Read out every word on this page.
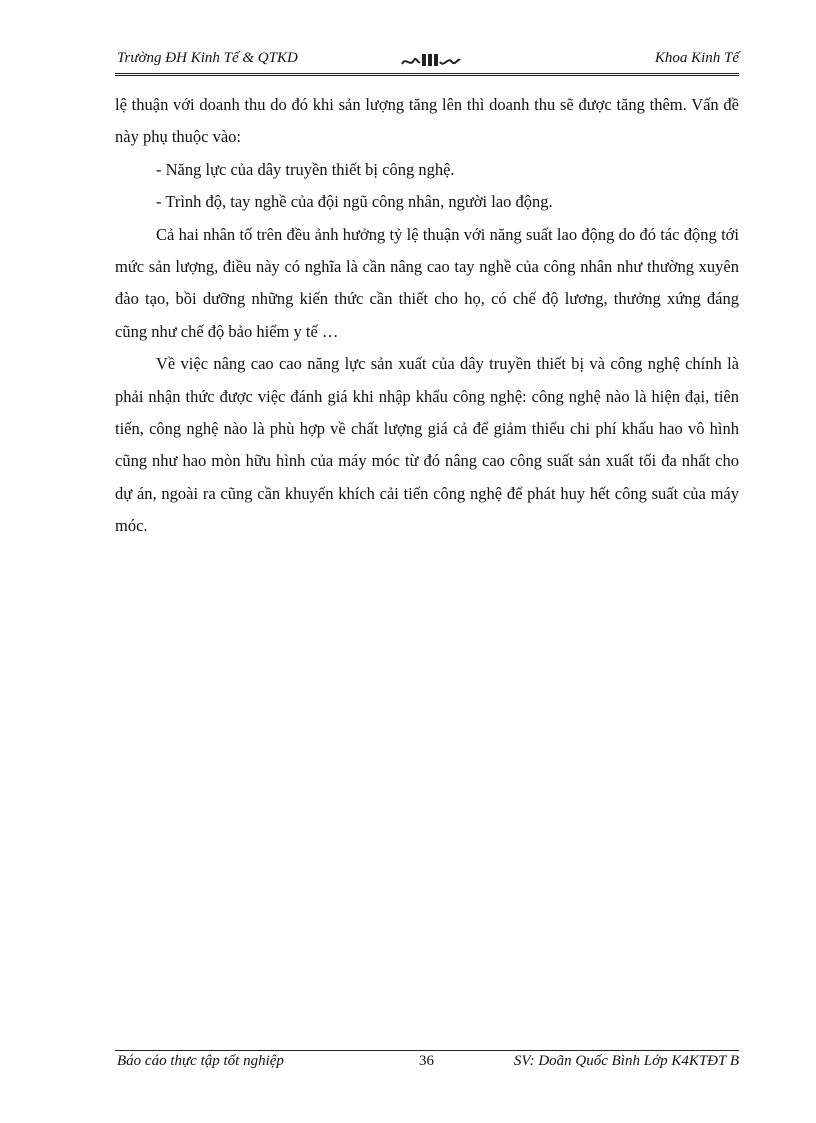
Trường ĐH Kinh Tế & QTKD	Khoa Kinh Tế

lệ thuận với doanh thu do đó khi sản lượng tăng lên thì doanh thu sẽ được tăng thêm. Vấn đề này phụ thuộc vào:

- Năng lực của dây truyền thiết bị công nghệ.

- Trình độ, tay nghề của đội ngũ công nhân, người lao động.

Cả hai nhân tố trên đều ảnh hưởng tỷ lệ thuận với năng suất lao động do đó tác động tới mức sản lượng, điều này có nghĩa là cần nâng cao tay nghề của công nhân như thường xuyên đào tạo, bồi dưỡng những kiến thức cần thiết cho họ, có chế độ lương, thưởng xứng đáng cũng như chế độ bảo hiểm y tế …

Về việc nâng cao cao năng lực sản xuất của dây truyền thiết bị và công nghệ chính là phải nhận thức được việc đánh giá khi nhập khẩu công nghệ: công nghệ nào là hiện đại, tiên tiến, công nghệ nào là phù hợp về chất lượng giá cả để giảm thiểu chi phí khấu hao vô hình cũng như hao mòn hữu hình của máy móc từ đó nâng cao công suất sản xuất tối đa nhất cho dự án, ngoài ra cũng cần khuyến khích cải tiến công nghệ để phát huy hết công suất của máy móc.

Báo cáo thực tập tốt nghiệp	36	SV: Doãn Quốc Bình Lớp K4KTĐT B
